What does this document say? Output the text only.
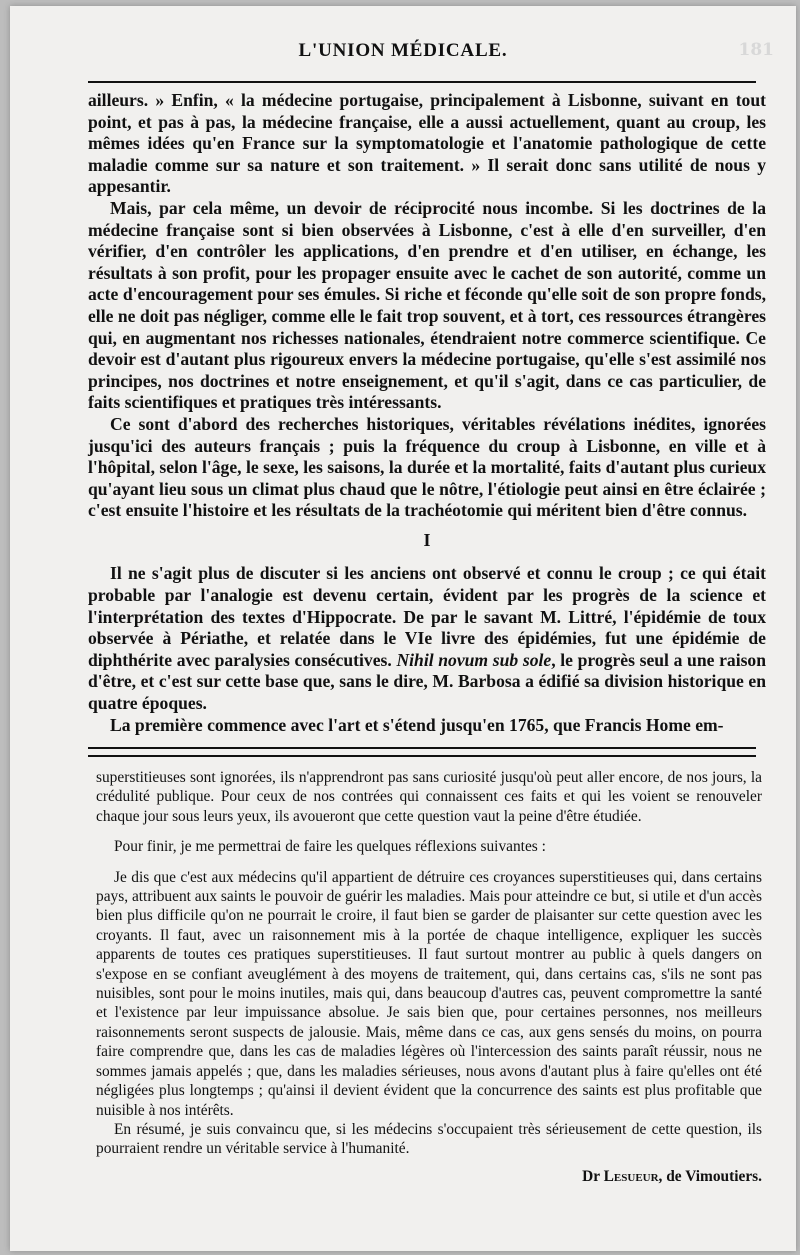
L'UNION MÉDICALE.	181

ailleurs. » Enfin, « la médecine portugaise, principalement à Lisbonne, suivant en tout point, et pas à pas, la médecine française, elle a aussi actuellement, quant au croup, les mêmes idées qu'en France sur la symptomatologie et l'anatomie pathologique de cette maladie comme sur sa nature et son traitement. » Il serait donc sans utilité de nous y appesantir.

Mais, par cela même, un devoir de réciprocité nous incombe. Si les doctrines de la médecine française sont si bien observées à Lisbonne, c'est à elle d'en surveiller, d'en vérifier, d'en contrôler les applications, d'en prendre et d'en utiliser, en échange, les résultats à son profit, pour les propager ensuite avec le cachet de son autorité, comme un acte d'encouragement pour ses émules. Si riche et féconde qu'elle soit de son propre fonds, elle ne doit pas négliger, comme elle le fait trop souvent, et à tort, ces ressources étrangères qui, en augmentant nos richesses nationales, étendraient notre commerce scientifique. Ce devoir est d'autant plus rigoureux envers la médecine portugaise, qu'elle s'est assimilé nos principes, nos doctrines et notre enseignement, et qu'il s'agit, dans ce cas particulier, de faits scientifiques et pratiques très intéressants.

Ce sont d'abord des recherches historiques, véritables révélations inédites, ignorées jusqu'ici des auteurs français ; puis la fréquence du croup à Lisbonne, en ville et à l'hôpital, selon l'âge, le sexe, les saisons, la durée et la mortalité, faits d'autant plus curieux qu'ayant lieu sous un climat plus chaud que le nôtre, l'étiologie peut ainsi en être éclairée ; c'est ensuite l'histoire et les résultats de la trachéotomie qui méritent bien d'être connus.

I

Il ne s'agit plus de discuter si les anciens ont observé et connu le croup ; ce qui était probable par l'analogie est devenu certain, évident par les progrès de la science et l'interprétation des textes d'Hippocrate. De par le savant M. Littré, l'épidémie de toux observée à Périathe, et relatée dans le VIe livre des épidémies, fut une épidémie de diphthérite avec paralysies consécutives. Nihil novum sub sole, le progrès seul a une raison d'être, et c'est sur cette base que, sans le dire, M. Barbosa a édifié sa division historique en quatre époques.

La première commence avec l'art et s'étend jusqu'en 1765, que Francis Home em-

superstitieuses sont ignorées, ils n'apprendront pas sans curiosité jusqu'où peut aller encore, de nos jours, la crédulité publique. Pour ceux de nos contrées qui connaissent ces faits et qui les voient se renouveler chaque jour sous leurs yeux, ils avoueront que cette question vaut la peine d'être étudiée.

Pour finir, je me permettrai de faire les quelques réflexions suivantes :

Je dis que c'est aux médecins qu'il appartient de détruire ces croyances superstitieuses qui, dans certains pays, attribuent aux saints le pouvoir de guérir les maladies. Mais pour atteindre ce but, si utile et d'un accès bien plus difficile qu'on ne pourrait le croire, il faut bien se garder de plaisanter sur cette question avec les croyants. Il faut, avec un raisonnement mis à la portée de chaque intelligence, expliquer les succès apparents de toutes ces pratiques superstitieuses. Il faut surtout montrer au public à quels dangers on s'expose en se confiant aveuglément à des moyens de traitement, qui, dans certains cas, s'ils ne sont pas nuisibles, sont pour le moins inutiles, mais qui, dans beaucoup d'autres cas, peuvent compromettre la santé et l'existence par leur impuissance absolue. Je sais bien que, pour certaines personnes, nos meilleurs raisonnements seront suspects de jalousie. Mais, même dans ce cas, aux gens sensés du moins, on pourra faire comprendre que, dans les cas de maladies légères où l'intercession des saints paraît réussir, nous ne sommes jamais appelés ; que, dans les maladies sérieuses, nous avons d'autant plus à faire qu'elles ont été négligées plus longtemps ; qu'ainsi il devient évident que la concurrence des saints est plus profitable que nuisible à nos intérêts.

En résumé, je suis convaincu que, si les médecins s'occupaient très sérieusement de cette question, ils pourraient rendre un véritable service à l'humanité.

Dr Lesueur, de Vimoutiers.
